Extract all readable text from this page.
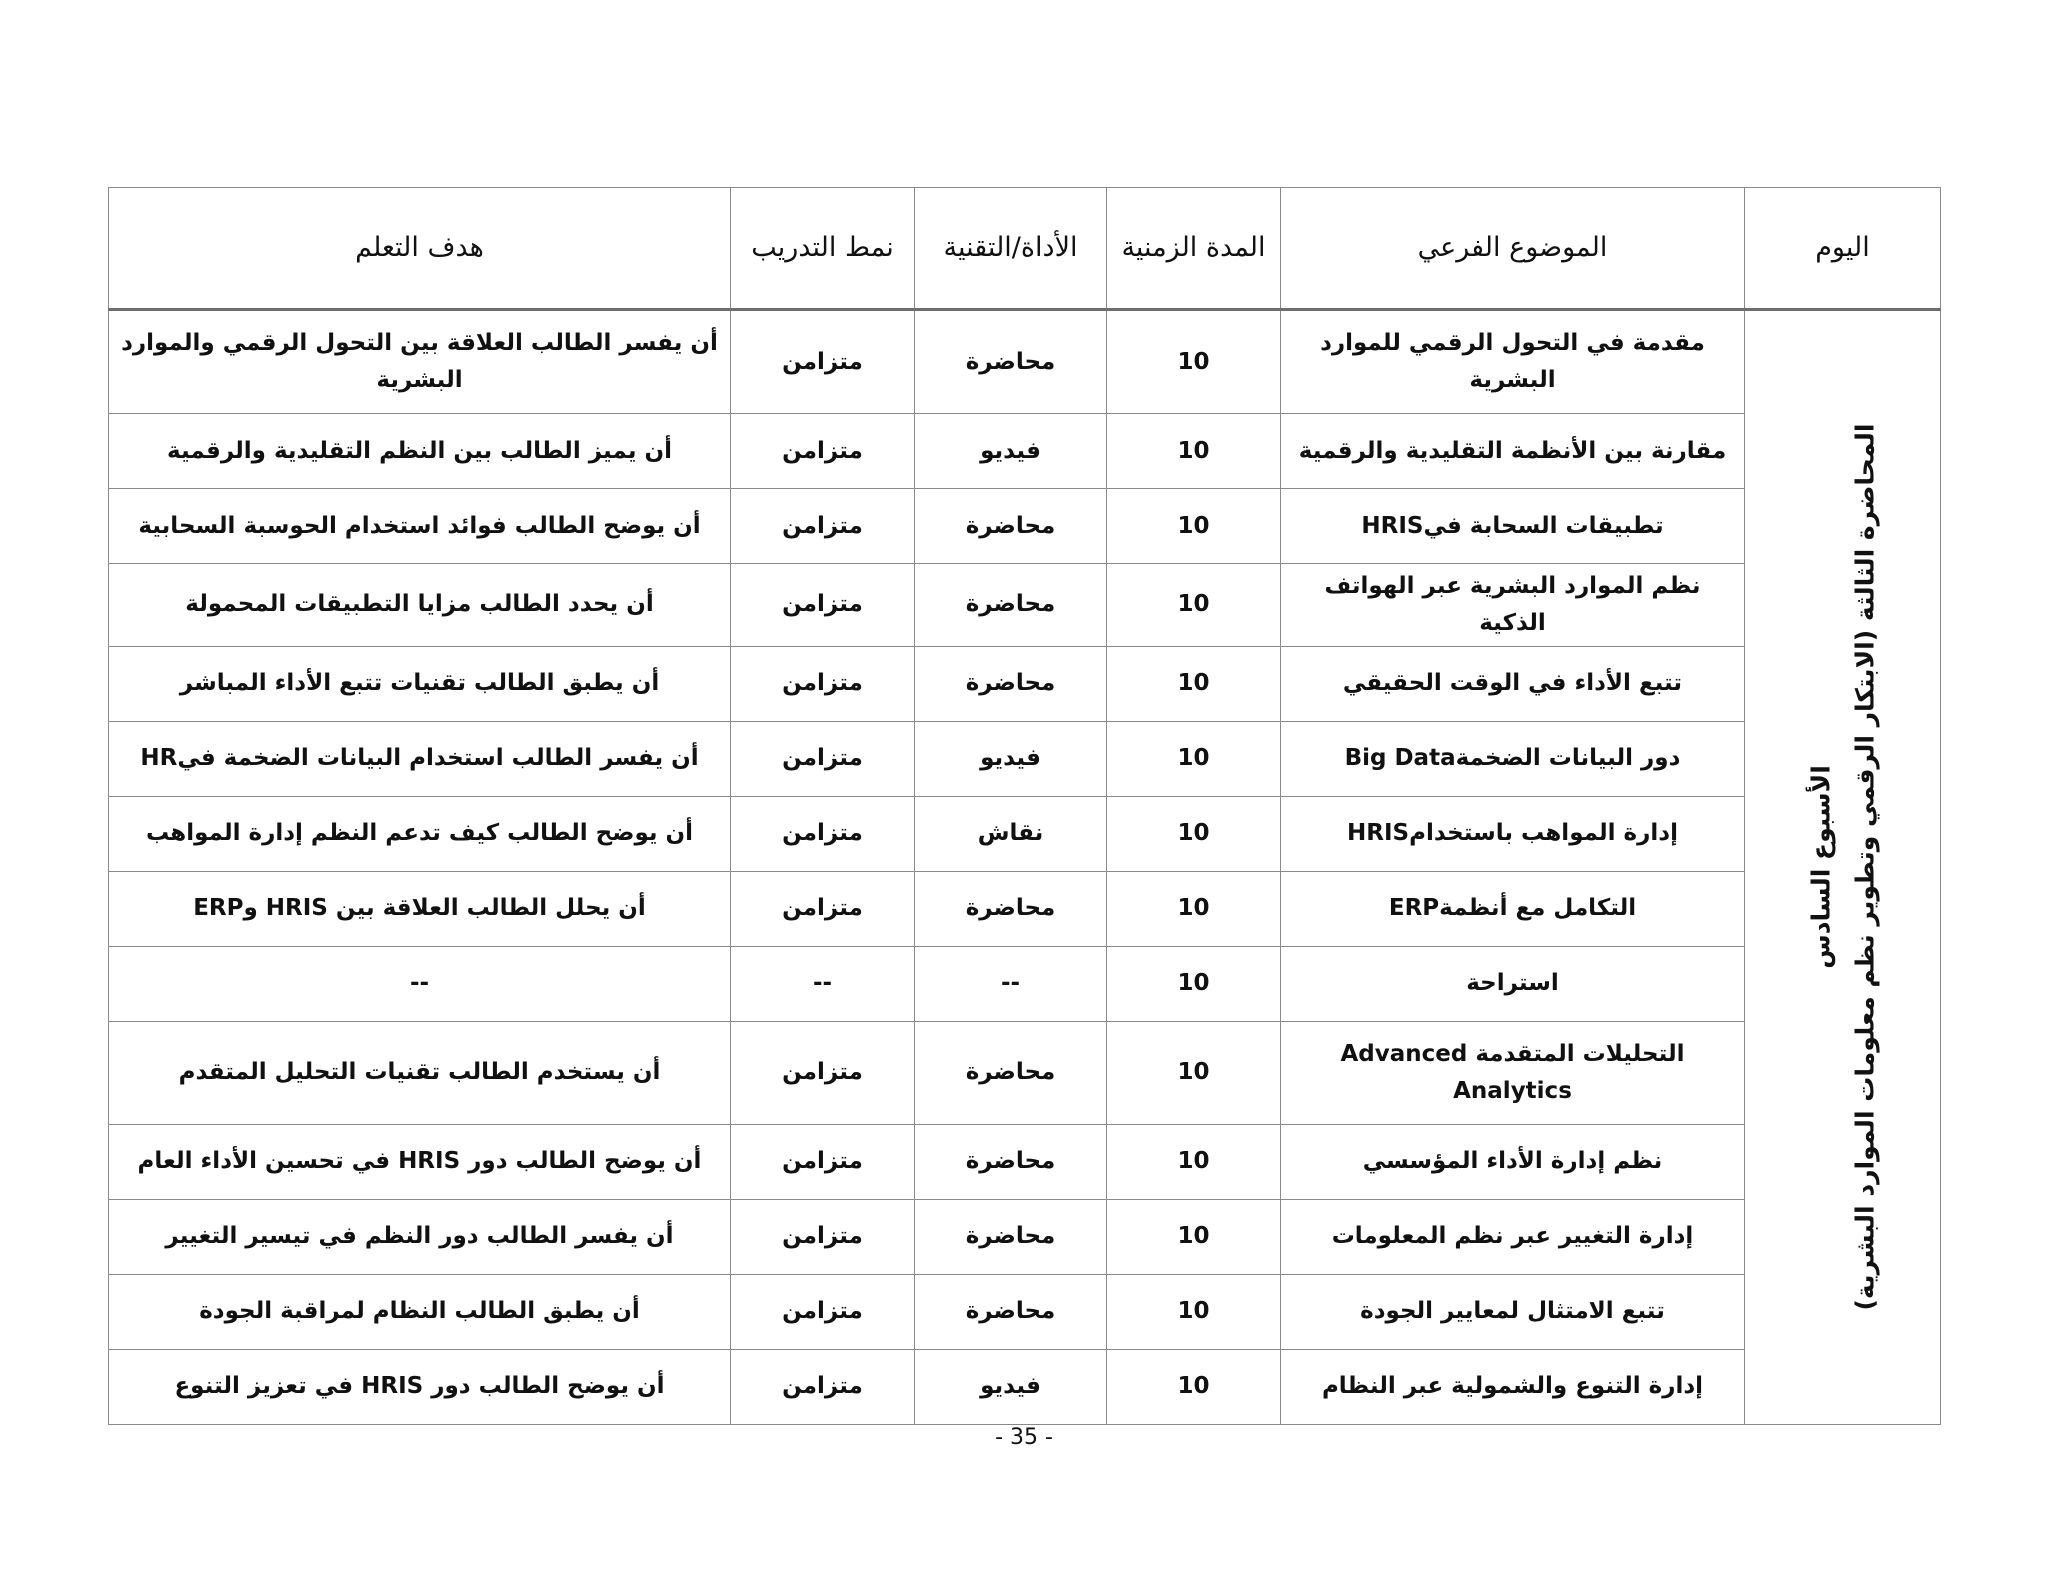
اليوم	الموضوع الفرعي	المدة الزمنية	الأداة/التقنية	نمط التدريب	هدف التعلم

الأسبوع السادس المحاضرة الثالثة (الابتكار الرقمي وتطوير نظم معلومات الموارد البشرية)	مقدمة في التحول الرقمي للموارد البشرية	10	محاضرة	متزامن	أن يفسر الطالب العلاقة بين التحول الرقمي والموارد البشرية
	مقارنة بين الأنظمة التقليدية والرقمية	10	فيديو	متزامن	أن يميز الطالب بين النظم التقليدية والرقمية
	تطبيقات السحابة فيHRIS	10	محاضرة	متزامن	أن يوضح الطالب فوائد استخدام الحوسبة السحابية
	نظم الموارد البشرية عبر الهواتف الذكية	10	محاضرة	متزامن	أن يحدد الطالب مزايا التطبيقات المحمولة
	تتبع الأداء في الوقت الحقيقي	10	محاضرة	متزامن	أن يطبق الطالب تقنيات تتبع الأداء المباشر
	دور البيانات الضخمةBig Data	10	فيديو	متزامن	أن يفسر الطالب استخدام البيانات الضخمة فيHR
	إدارة المواهب باستخدامHRIS	10	نقاش	متزامن	أن يوضح الطالب كيف تدعم النظم إدارة المواهب
	التكامل مع أنظمةERP	10	محاضرة	متزامن	أن يحلل الطالب العلاقة بين HRIS وERP
	استراحة	10	--	--	--
	التحليلات المتقدمة Advanced Analytics	10	محاضرة	متزامن	أن يستخدم الطالب تقنيات التحليل المتقدم
	نظم إدارة الأداء المؤسسي	10	محاضرة	متزامن	أن يوضح الطالب دور HRIS في تحسين الأداء العام
	إدارة التغيير عبر نظم المعلومات	10	محاضرة	متزامن	أن يفسر الطالب دور النظم في تيسير التغيير
	تتبع الامتثال لمعايير الجودة	10	محاضرة	متزامن	أن يطبق الطالب النظام لمراقبة الجودة
	إدارة التنوع والشمولية عبر النظام	10	فيديو	متزامن	أن يوضح الطالب دور HRIS في تعزيز التنوع
- 35 -
